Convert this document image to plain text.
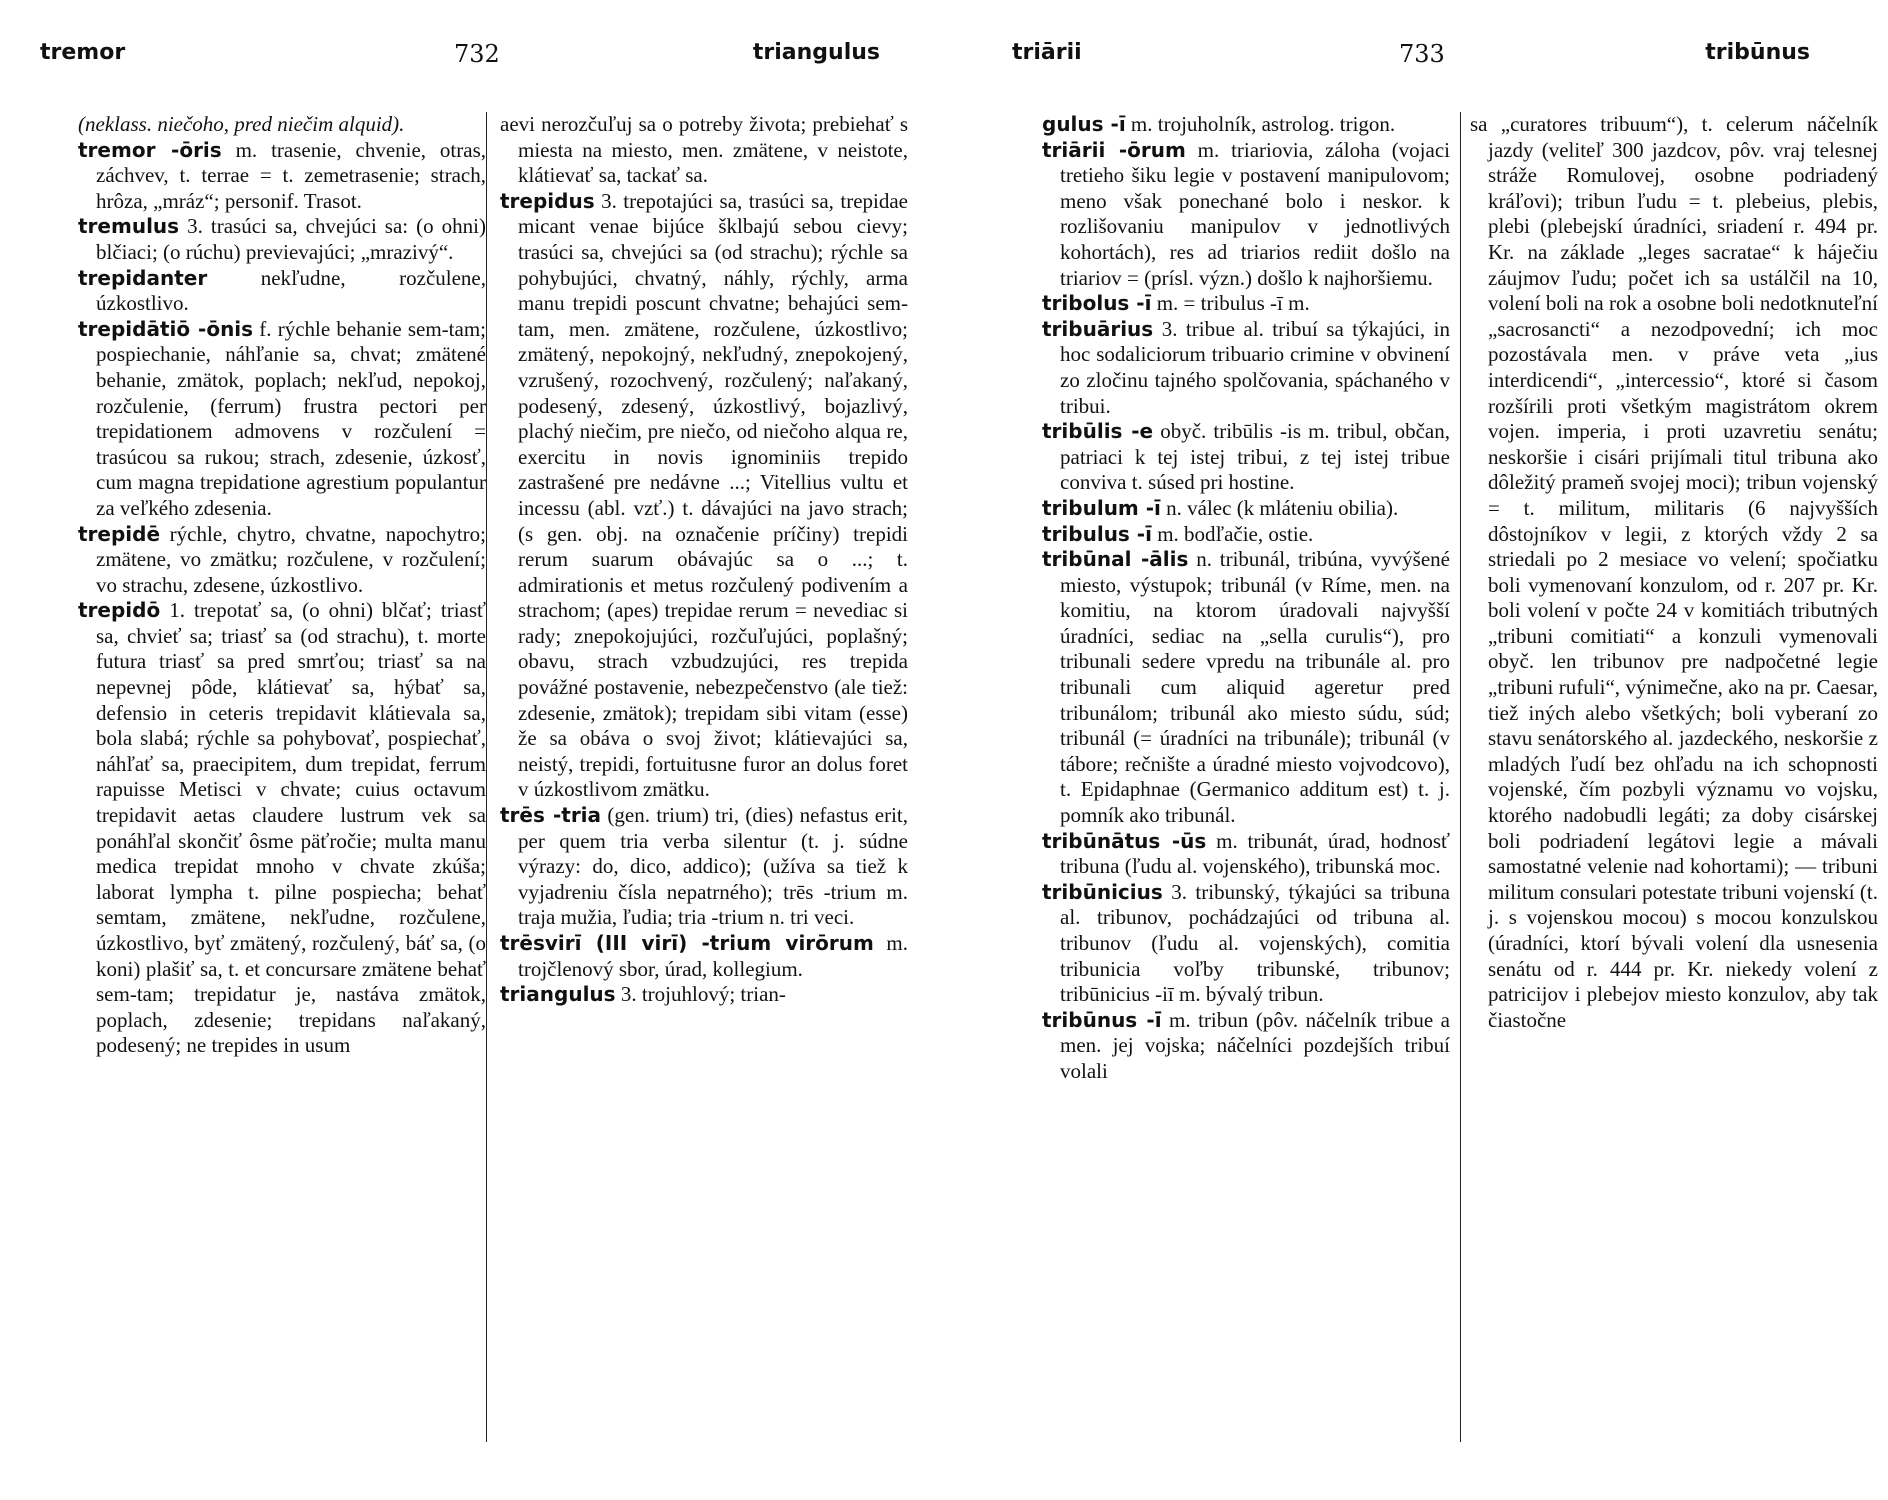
tremor	732	triangulus

(neklass. niečoho, pred niečim alquid).

tremor -ōris m. trasenie, chvenie, otras, záchvev, t. terrae = t. zemetrasenie; strach, hrôza, „mráz“; personif. Trasot.

tremulus 3. trasúci sa, chvejúci sa: (o ohni) blčiaci; (o rúchu) previevajúci; „mrazivý“.

trepidanter nekľudne, rozčulene, úzkostlivo.

trepidātiō -ōnis f. rýchle behanie sem-tam; pospiechanie, náhľanie sa, chvat; zmätené behanie, zmätok, poplach; nekľud, nepokoj, rozčulenie, (ferrum) frustra pectori per trepidationem admovens v rozčulení = trasúcou sa rukou; strach, zdesenie, úzkosť, cum magna trepidatione agrestium populantur za veľkého zdesenia.

trepidē rýchle, chytro, chvatne, napochytro; zmätene, vo zmätku; rozčulene, v rozčulení; vo strachu, zdesene, úzkostlivo.

trepidō 1. trepotať sa, (o ohni) blčať; triasť sa, chvieť sa; triasť sa (od strachu), t. morte futura triasť sa pred smrťou; triasť sa na nepevnej pôde, klátievať sa, hýbať sa, defensio in ceteris trepidavit klátievala sa, bola slabá; rýchle sa pohybovať, pospiechať, náhľať sa, praecipitem, dum trepidat, ferrum rapuisse Metisci v chvate; cuius octavum trepidavit aetas claudere lustrum vek sa ponáhľal skončiť ôsme päťročie; multa manu medica trepidat mnoho v chvate zkúša; laborat lympha t. pilne pospiecha; behať semtam, zmätene, nekľudne, rozčulene, úzkostlivo, byť zmätený, rozčulený, báť sa, (o koni) plašiť sa, t. et concursare zmätene behať sem-tam; trepidatur je, nastáva zmätok, poplach, zdesenie; trepidans naľakaný, podesený; ne trepides in usum

aevi nerozčuľuj sa o potreby života; prebiehať s miesta na miesto, men. zmätene, v neistote, klátievať sa, tackať sa.

trepidus 3. trepotajúci sa, trasúci sa, trepidae micant venae bijúce šklbajú sebou cievy; trasúci sa, chvejúci sa (od strachu); rýchle sa pohybujúci, chvatný, náhly, rýchly, arma manu trepidi poscunt chvatne; behajúci sem-tam, men. zmätene, rozčulene, úzkostlivo; zmätený, nepokojný, nekľudný, znepokojený, vzrušený, rozochvený, rozčulený; naľakaný, podesený, zdesený, úzkostlivý, bojazlivý, plachý niečim, pre niečo, od niečoho alqua re, exercitu in novis ignominiis trepido zastrašené pre nedávne ...; Vitellius vultu et incessu (abl. vzť.) t. dávajúci na javo strach; (s gen. obj. na označenie príčiny) trepidi rerum suarum obávajúc sa o ...; t. admirationis et metus rozčulený podivením a strachom; (apes) trepidae rerum = nevediac si rady; znepokojujúci, rozčuľujúci, poplašný; obavu, strach vzbudzujúci, res trepida povážné postavenie, nebezpečenstvo (ale tiež: zdesenie, zmätok); trepidam sibi vitam (esse) že sa obáva o svoj život; klátievajúci sa, neistý, trepidi, fortuitusne furor an dolus foret v úzkostlivom zmätku.

trēs -tria (gen. trium) tri, (dies) nefastus erit, per quem tria verba silentur (t. j. súdne výrazy: do, dico, addico); (užíva sa tiež k vyjadreniu čísla nepatrného); trēs -trium m. traja mužia, ľudia; tria -trium n. tri veci.

trēsvirī (III virī) -trium virōrum m. trojčlenový sbor, úrad, kollegium.

triangulus 3. trojuhlový; trian-

triārii	733	tribūnus

gulus -ī m. trojuholník, astrolog. trigon.

triārii -ōrum m. triariovia, záloha (vojaci tretieho šiku legie v postavení manipulovom; meno však ponechané bolo i neskor. k rozlišovaniu manipulov v jednotlivých kohortách), res ad triarios rediit došlo na triariov = (prísl. význ.) došlo k najhoršiemu.

tribolus -ī m. = tribulus -ī m.

tribuārius 3. tribue al. tribuí sa týkajúci, in hoc sodaliciorum tribuario crimine v obvinení zo zločinu tajného spolčovania, spáchaného v tribui.

tribūlis -e obyč. tribūlis -is m. tribul, občan, patriaci k tej istej tribui, z tej istej tribue conviva t. súsed pri hostine.

tribulum -ī n. válec (k mláteniu obilia).

tribulus -ī m. bodľačie, ostie.

tribūnal -ālis n. tribunál, tribúna, vyvýšené miesto, výstupok; tribunál (v Ríme, men. na komitiu, na ktorom úradovali najvyšší úradníci, sediac na „sella curulis“), pro tribunali sedere vpredu na tribunále al. pro tribunali cum aliquid ageretur pred tribunálom; tribunál ako miesto súdu, súd; tribunál (= úradníci na tribunále); tribunál (v tábore; rečnište a úradné miesto vojvodcovo), t. Epidaphnae (Germanico additum est) t. j. pomník ako tribunál.

tribūnātus -ūs m. tribunát, úrad, hodnosť tribuna (ľudu al. vojenského), tribunská moc.

tribūnicius 3. tribunský, týkajúci sa tribuna al. tribunov, pochádzajúci od tribuna al. tribunov (ľudu al. vojenských), comitia tribunicia voľby tribunské, tribunov; tribūnicius -iī m. bývalý tribun.

tribūnus -ī m. tribun (pôv. náčelník tribue a men. jej vojska; náčelníci pozdejších tribuí volali

sa „curatores tribuum“), t. celerum náčelník jazdy (veliteľ 300 jazdcov, pôv. vraj telesnej stráže Romulovej, osobne podriadený kráľovi); tribun ľudu = t. plebeius, plebis, plebi (plebejskí úradníci, sriadení r. 494 pr. Kr. na základe „leges sacratae“ k háječiu záujmov ľudu; počet ich sa ustálčil na 10, volení boli na rok a osobne boli nedotknuteľní „sacrosancti“ a nezodpovední; ich moc pozostávala men. v práve veta „ius interdicendi“, „intercessio“, ktoré si časom rozšírili proti všetkým magistrátom okrem vojen. imperia, i proti uzavretiu senátu; neskoršie i cisári prijímali titul tribuna ako dôležitý prameň svojej moci); tribun vojenský = t. militum, militaris (6 najvyšších dôstojníkov v legii, z ktorých vždy 2 sa striedali po 2 mesiace vo velení; spočiatku boli vymenovaní konzulom, od r. 207 pr. Kr. boli volení v počte 24 v komitiách tributných „tribuni comitiati“ a konzuli vymenovali obyč. len tribunov pre nadpočetné legie „tribuni rufuli“, výnimečne, ako na pr. Caesar, tiež iných alebo všetkých; boli vyberaní zo stavu senátorského al. jazdeckého, neskoršie z mladých ľudí bez ohľadu na ich schopnosti vojenské, čím pozbyli významu vo vojsku, ktorého nadobudli legáti; za doby cisárskej boli podriadení legátovi legie a mávali samostatné velenie nad kohortami); — tribuni militum consulari potestate tribuni vojenskí (t. j. s vojenskou mocou) s mocou konzulskou (úradníci, ktorí bývali volení dla usnesenia senátu od r. 444 pr. Kr. niekedy volení z patricijov i plebejov miesto konzulov, aby tak čiastočne
